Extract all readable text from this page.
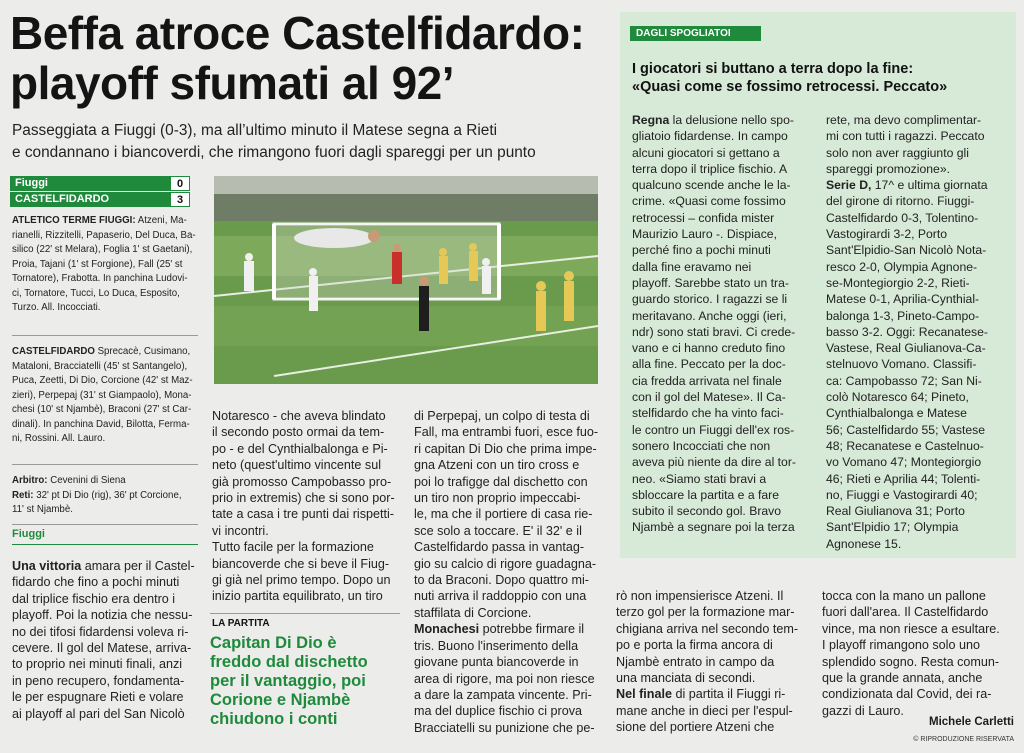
Beffa atroce Castelfidardo:
playoff sfumati al 92’
Passeggiata a Fiuggi (0-3), ma all’ultimo minuto il Matese segna a Rieti
e condannano i biancoverdi, che rimangono fuori dagli spareggi per un punto
Fiuggi	0
CASTELFIDARDO	3
ATLETICO TERME FIUGGI: Atzeni, Ma-
rianelli, Rizzitelli, Papaserio, Del Duca, Ba-
silico (22' st Melara), Foglia 1' st Gaetani),
Proia, Tajani (1' st Forgione), Fall (25' st
Tornatore), Frabotta. In panchina Ludovi-
ci, Tornatore, Tucci, Lo Duca, Esposito,
Turzo. All. Incocciati.
CASTELFIDARDO Sprecacè, Cusimano,
Mataloni, Bracciatelli (45' st Santangelo),
Puca, Zeetti, Di Dio, Corcione (42' st Maz-
zieri), Perpepaj (31' st Giampaolo), Mona-
chesi (10' st Njambè), Braconi (27' st Car-
dinali). In panchina David, Bilotta, Ferma-
ni, Rossini. All. Lauro.
Arbitro: Cevenini di Siena
Reti: 32' pt Di Dio (rig), 36' pt Corcione,
11' st Njambè.
Fiuggi
Una vittoria amara per il Castel-
fidardo che fino a pochi minuti
dal triplice fischio era dentro i
playoff. Poi la notizia che nessu-
no dei tifosi fidardensi voleva ri-
cevere. Il gol del Matese, arriva-
to proprio nei minuti finali, anzi
in peno recupero, fondamenta-
le per espugnare Rieti e volare
ai playoff al pari del San Nicolò
Notaresco - che aveva blindato
il secondo posto ormai da tem-
po - e del Cynthialbalonga e Pi-
neto (quest'ultimo vincente sul
già promosso Campobasso pro-
prio in extremis) che si sono por-
tate a casa i tre punti dai rispetti-
vi incontri.
Tutto facile per la formazione
biancoverde che si beve il Fiug-
gi già nel primo tempo. Dopo un
inizio partita equilibrato, un tiro
LA PARTITA
Capitan Di Dio è
freddo dal dischetto
per il vantaggio, poi
Corione e Njambè
chiudono i conti
di Perpepaj, un colpo di testa di
Fall, ma entrambi fuori, esce fuo-
ri capitan Di Dio che prima impe-
gna Atzeni con un tiro cross e
poi lo trafigge dal dischetto con
un tiro non proprio impeccabi-
le, ma che il portiere di casa rie-
sce solo a toccare. E' il 32' e il
Castelfidardo passa in vantag-
gio su calcio di rigore guadagna-
to da Braconi. Dopo quattro mi-
nuti arriva il raddoppio con una
staffilata di Corcione.
Monachesi potrebbe firmare il
tris. Buono l'inserimento della
giovane punta biancoverde in
area di rigore, ma poi non riesce
a dare la zampata vincente. Pri-
ma del duplice fischio ci prova
Bracciatelli su punizione che pe-
rò non impensierisce Atzeni. Il
terzo gol per la formazione mar-
chigiana arriva nel secondo tem-
po e porta la firma ancora di
Njambè entrato in campo da
una manciata di secondi.
Nel finale di partita il Fiuggi ri-
mane anche in dieci per l'espul-
sione del portiere Atzeni che
tocca con la mano un pallone
fuori dall'area. Il Castelfidardo
vince, ma non riesce a esultare.
I playoff rimangono solo uno
splendido sogno. Resta comun-
que la grande annata, anche
condizionata dal Covid, dei ra-
gazzi di Lauro.
Michele Carletti
© RIPRODUZIONE RISERVATA
DAGLI SPOGLIATOI
I giocatori si buttano a terra dopo la fine:
«Quasi come se fossimo retrocessi. Peccato»
Regna la delusione nello spo-
gliatoio fidardense. In campo
alcuni giocatori si gettano a
terra dopo il triplice fischio. A
qualcuno scende anche le la-
crime. «Quasi come fossimo
retrocessi – confida mister
Maurizio Lauro -. Dispiace,
perché fino a pochi minuti
dalla fine eravamo nei
playoff. Sarebbe stato un tra-
guardo storico. I ragazzi se li
meritavano. Anche oggi (ieri,
ndr) sono stati bravi. Ci crede-
vano e ci hanno creduto fino
alla fine. Peccato per la doc-
cia fredda arrivata nel finale
con il gol del Matese». Il Ca-
stelfidardo che ha vinto faci-
le contro un Fiuggi dell'ex ros-
sonero Incocciati che non
aveva più niente da dire al tor-
neo. «Siamo stati bravi a
sbloccare la partita e a fare
subito il secondo gol. Bravo
Njambè a segnare poi la terza
rete, ma devo complimentar-
mi con tutti i ragazzi. Peccato
solo non aver raggiunto gli
spareggi promozione».
Serie D, 17^ e ultima giornata
del girone di ritorno. Fiuggi-
Castelfidardo 0-3, Tolentino-
Vastogirardi 3-2, Porto
Sant'Elpidio-San Nicolò Nota-
resco 2-0, Olympia Agnone-
se-Montegiorgio 2-2, Rieti-
Matese 0-1, Aprilia-Cynthial-
balonga 1-3, Pineto-Campo-
basso 3-2. Oggi: Recanatese-
Vastese, Real Giulianova-Ca-
stelnuovo Vomano. Classifi-
ca: Campobasso 72; San Ni-
colò Notaresco 64; Pineto,
Cynthialbalonga e Matese
56; Castelfidardo 55; Vastese
48; Recanatese e Castelnuo-
vo Vomano 47; Montegiorgio
46; Rieti e Aprilia 44; Tolenti-
no, Fiuggi e Vastogirardi 40;
Real Giulianova 31; Porto
Sant'Elpidio 17; Olympia
Agnonese 15.
